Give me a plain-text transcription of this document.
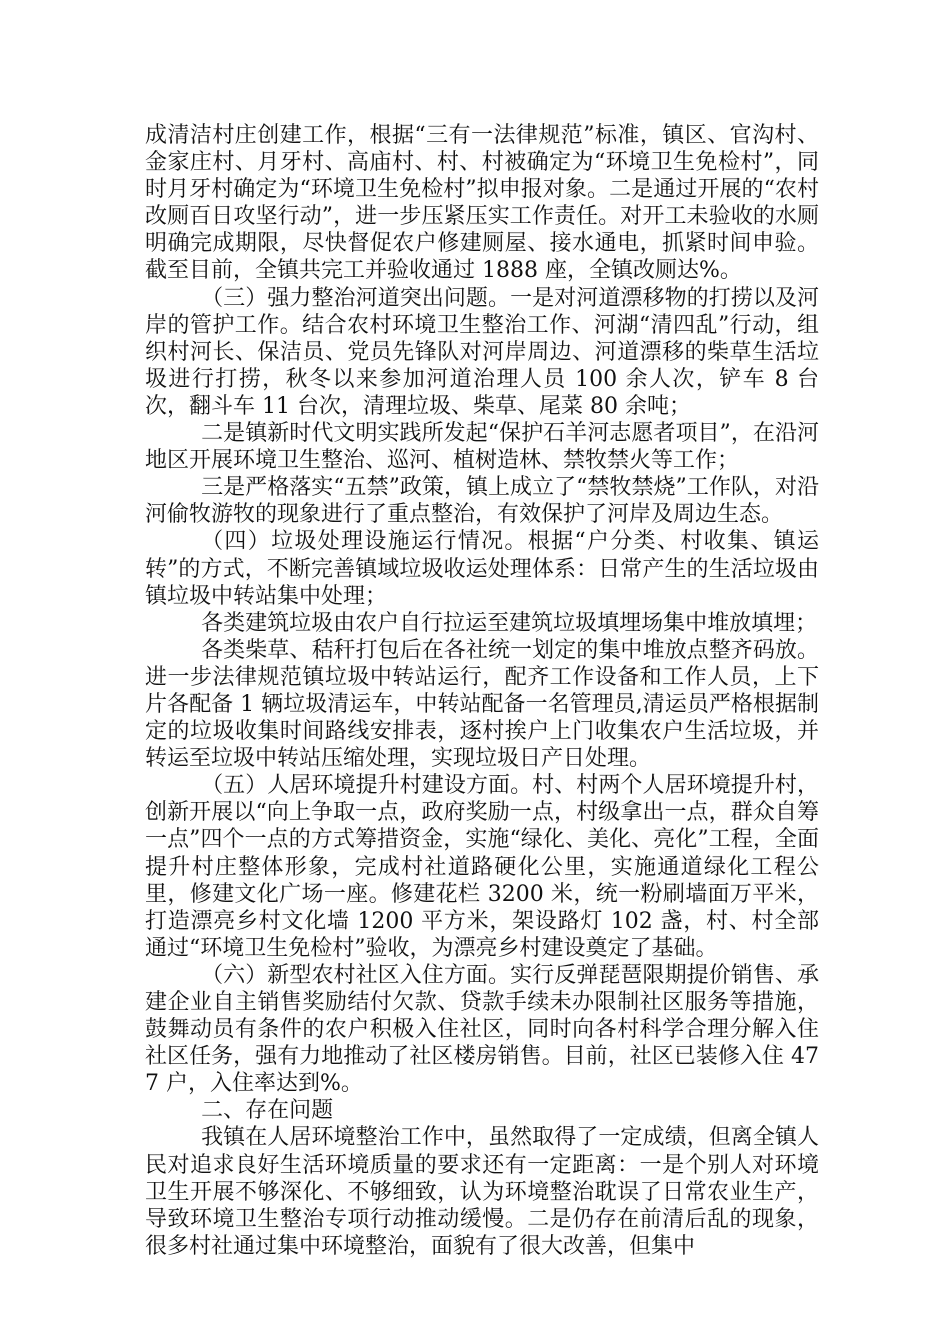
成清洁村庄创建工作，根据“三有一法律规范”标准，镇区、官沟村、金家庄村、月牙村、高庙村、村、村被确定为“环境卫生免检村”，同时月牙村确定为“环境卫生免检村”拟申报对象。二是通过开展的“农村改厕百日攻坚行动”，进一步压紧压实工作责任。对开工未验收的水厕明确完成期限，尽快督促农户修建厕屋、接水通电，抓紧时间申验。截至目前，全镇共完工并验收通过 1888 座，全镇改厕达%。

（三）强力整治河道突出问题。一是对河道漂移物的打捞以及河岸的管护工作。结合农村环境卫生整治工作、河湖“清四乱”行动，组织村河长、保洁员、党员先锋队对河岸周边、河道漂移的柴草生活垃圾进行打捞，秋冬以来参加河道治理人员 100 余人次，铲车 8 台次，翻斗车 11 台次，清理垃圾、柴草、尾菜 80 余吨；

二是镇新时代文明实践所发起“保护石羊河志愿者项目”，在沿河地区开展环境卫生整治、巡河、植树造林、禁牧禁火等工作；

三是严格落实“五禁”政策，镇上成立了“禁牧禁烧”工作队，对沿河偷牧游牧的现象进行了重点整治，有效保护了河岸及周边生态。

（四）垃圾处理设施运行情况。根据“户分类、村收集、镇运转”的方式，不断完善镇域垃圾收运处理体系：日常产生的生活垃圾由镇垃圾中转站集中处理；

各类建筑垃圾由农户自行拉运至建筑垃圾填埋场集中堆放填埋；

各类柴草、秸秆打包后在各社统一划定的集中堆放点整齐码放。进一步法律规范镇垃圾中转站运行，配齐工作设备和工作人员，上下片各配备 1 辆垃圾清运车，中转站配备一名管理员,清运员严格根据制定的垃圾收集时间路线安排表，逐村挨户上门收集农户生活垃圾，并转运至垃圾中转站压缩处理，实现垃圾日产日处理。

（五）人居环境提升村建设方面。村、村两个人居环境提升村，创新开展以“向上争取一点，政府奖励一点，村级拿出一点，群众自筹一点”四个一点的方式筹措资金，实施“绿化、美化、亮化”工程，全面提升村庄整体形象，完成村社道路硬化公里，实施通道绿化工程公里，修建文化广场一座。修建花栏 3200 米，统一粉刷墙面万平米，打造漂亮乡村文化墙 1200 平方米，架设路灯 102 盏，村、村全部通过“环境卫生免检村”验收，为漂亮乡村建设奠定了基础。

（六）新型农村社区入住方面。实行反弹琵琶限期提价销售、承建企业自主销售奖励结付欠款、贷款手续未办限制社区服务等措施，鼓舞动员有条件的农户积极入住社区，同时向各村科学合理分解入住社区任务，强有力地推动了社区楼房销售。目前，社区已装修入住 477 户，入住率达到%。

二、存在问题

我镇在人居环境整治工作中，虽然取得了一定成绩，但离全镇人民对追求良好生活环境质量的要求还有一定距离：一是个别人对环境卫生开展不够深化、不够细致，认为环境整治耽误了日常农业生产，导致环境卫生整治专项行动推动缓慢。二是仍存在前清后乱的现象，很多村社通过集中环境整治，面貌有了很大改善，但集中
